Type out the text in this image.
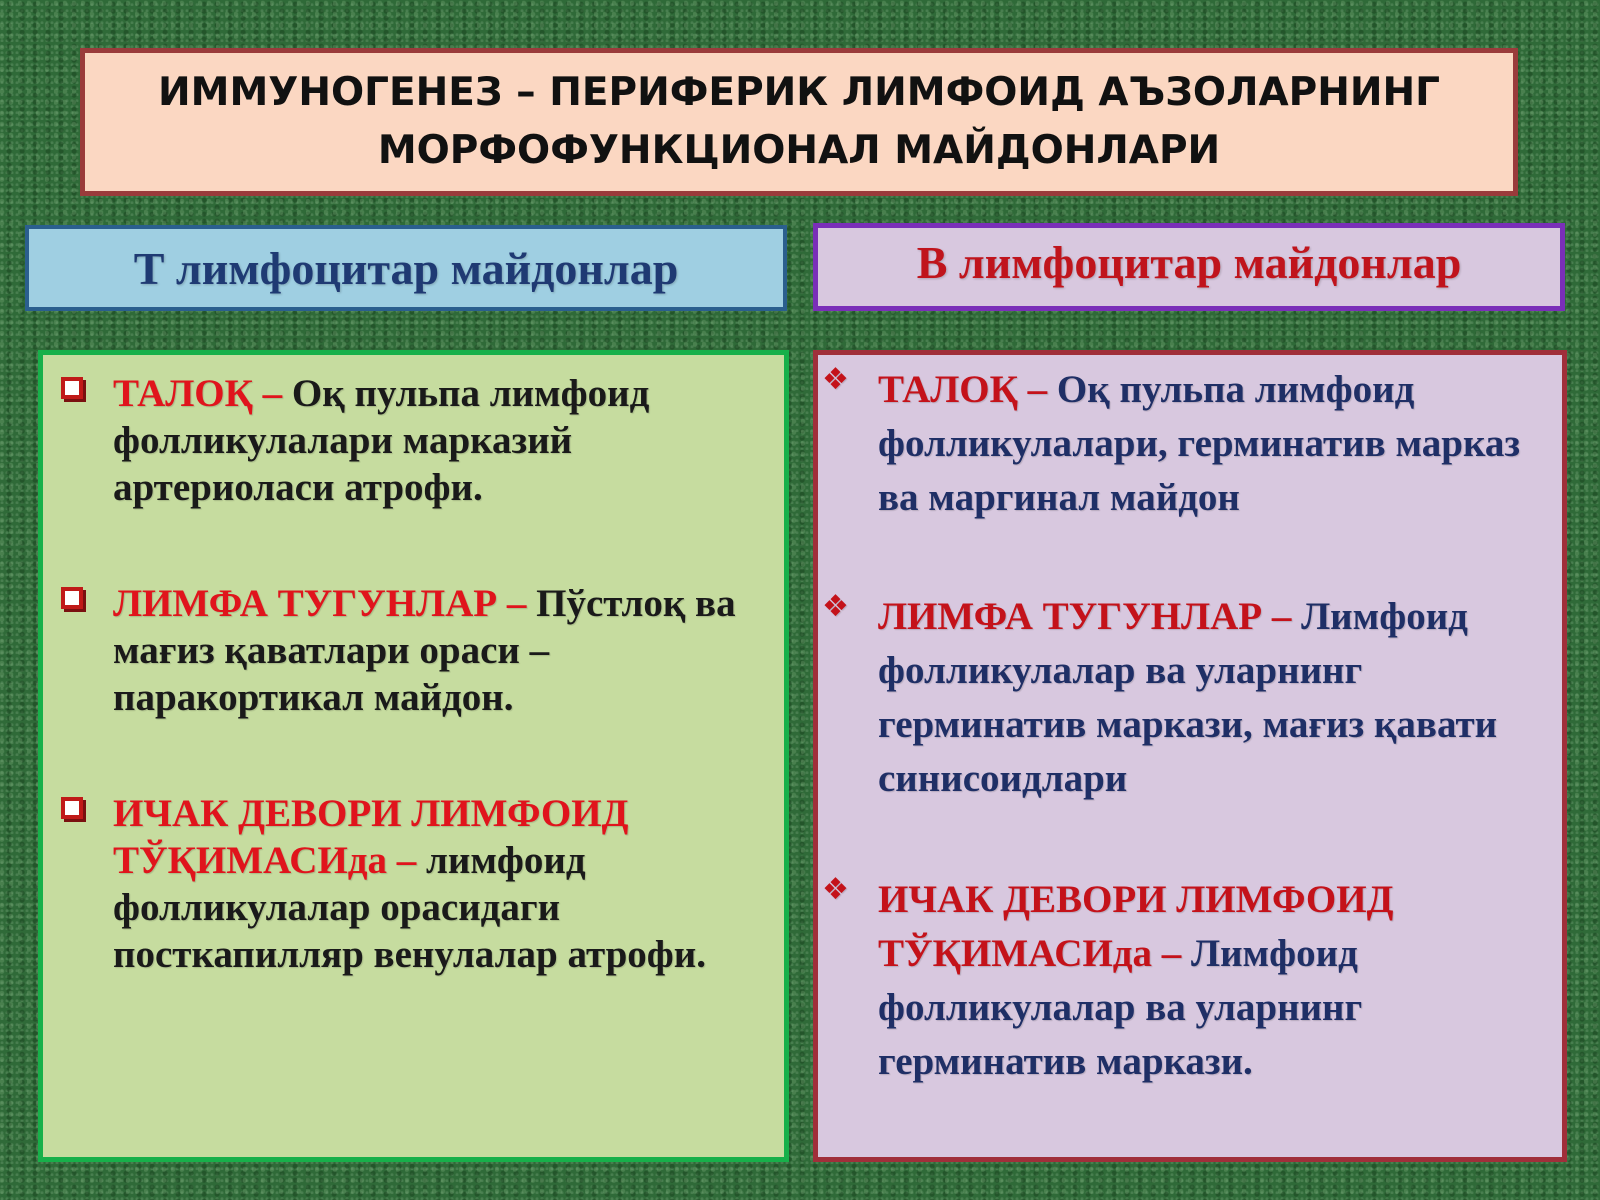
ИММУНОГЕНЕЗ – ПЕРИФЕРИК ЛИМФОИД АЪЗОЛАРНИНГ
МОРФОФУНКЦИОНАЛ МАЙДОНЛАРИ
Т лимфоцитар майдонлар	В лимфоцитар майдонлар
ТАЛОҚ – Оқ пульпа лимфоид фолликулалари марказий артериоласи атрофи.
ЛИМФА ТУГУНЛАР – Пўстлоқ ва мағиз қаватлари ораси – паракортикал майдон.
ИЧАК ДЕВОРИ ЛИМФОИД ТЎҚИМАСИда – лимфоид фолликулалар орасидаги посткапилляр венулалар атрофи.
❖ ТАЛОҚ – Оқ пульпа лимфоид фолликулалари, герминатив марказ ва маргинал майдон
❖ ЛИМФА ТУГУНЛАР – Лимфоид фолликулалар ва уларнинг герминатив маркази, мағиз қавати синисоидлари
❖ ИЧАК ДЕВОРИ ЛИМФОИД ТЎҚИМАСИда – Лимфоид фолликулалар ва уларнинг герминатив маркази.
